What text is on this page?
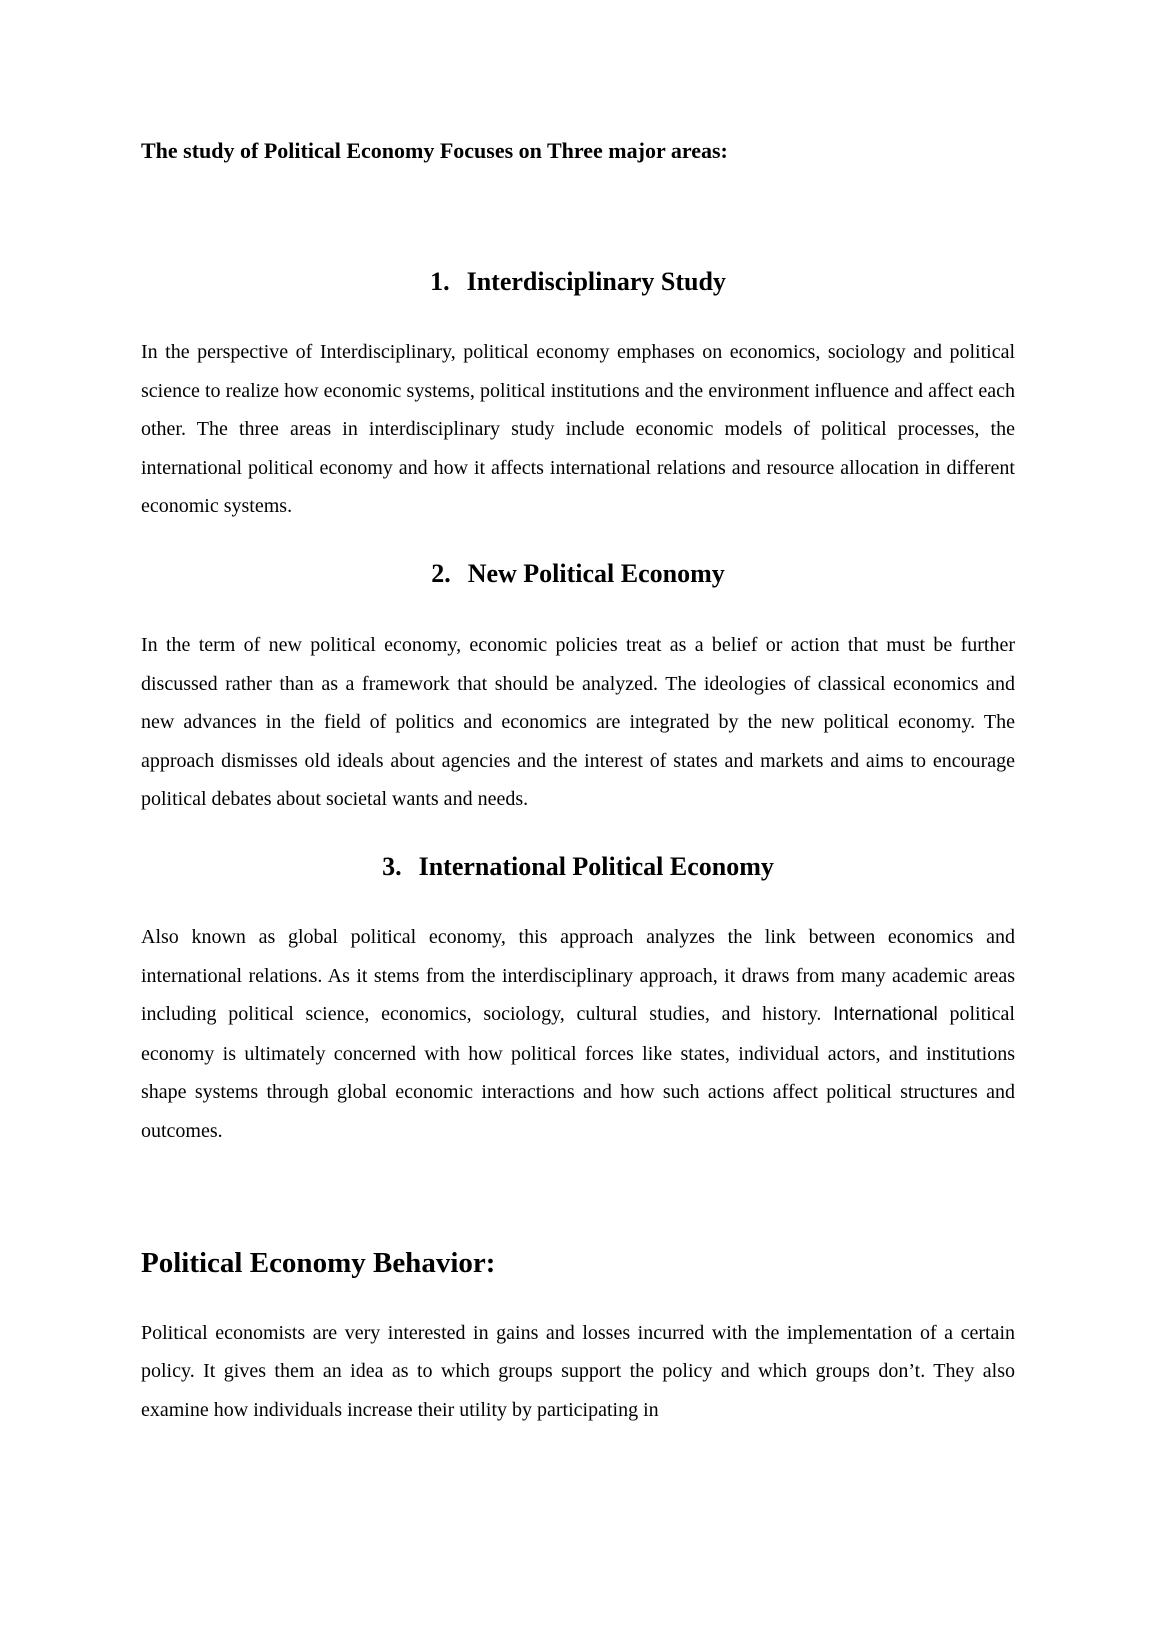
The study of Political Economy Focuses on Three major areas:

1. Interdisciplinary Study

In the perspective of Interdisciplinary, political economy emphases on economics, sociology and political science to realize how economic systems, political institutions and the environment influence and affect each other. The three areas in interdisciplinary study include economic models of political processes, the international political economy and how it affects international relations and resource allocation in different economic systems.

2. New Political Economy

In the term of new political economy, economic policies treat as a belief or action that must be further discussed rather than as a framework that should be analyzed. The ideologies of classical economics and new advances in the field of politics and economics are integrated by the new political economy. The approach dismisses old ideals about agencies and the interest of states and markets and aims to encourage political debates about societal wants and needs.

3. International Political Economy

Also known as global political economy, this approach analyzes the link between economics and international relations. As it stems from the interdisciplinary approach, it draws from many academic areas including political science, economics, sociology, cultural studies, and history. International political economy is ultimately concerned with how political forces like states, individual actors, and institutions shape systems through global economic interactions and how such actions affect political structures and outcomes.

Political Economy Behavior:

Political economists are very interested in gains and losses incurred with the implementation of a certain policy. It gives them an idea as to which groups support the policy and which groups don’t. They also examine how individuals increase their utility by participating in
